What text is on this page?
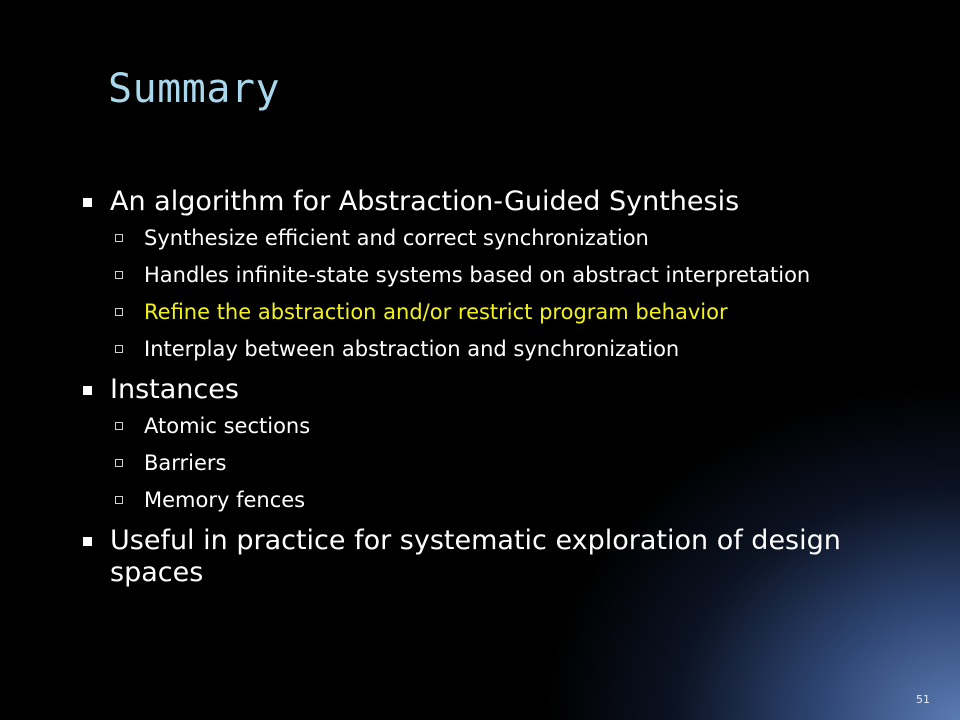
Summary
An algorithm for Abstraction-Guided Synthesis
Synthesize efficient and correct synchronization
Handles infinite-state systems based on abstract interpretation
Refine the abstraction and/or restrict program behavior
Interplay between abstraction and synchronization
Instances
Atomic sections
Barriers
Memory fences
Useful in practice for systematic exploration of design spaces
51
